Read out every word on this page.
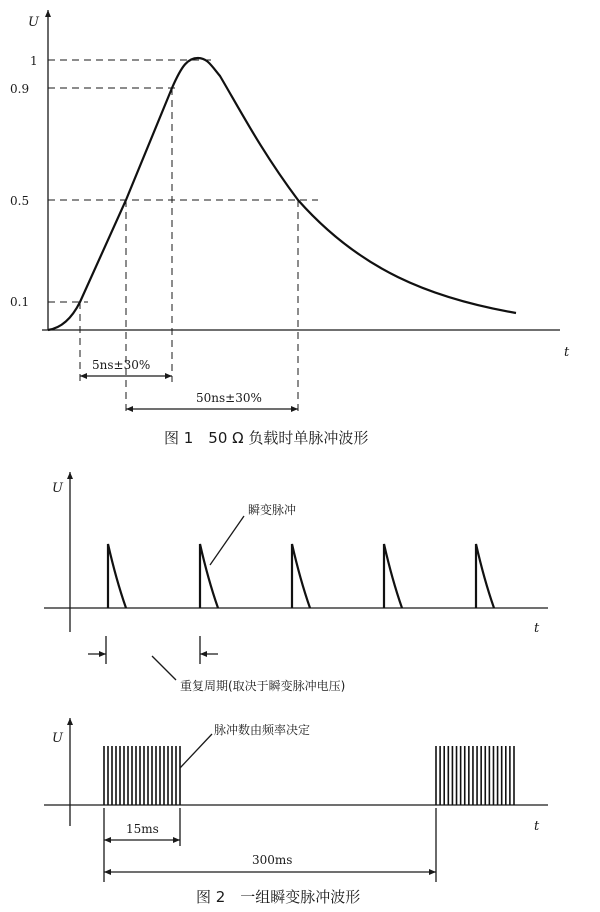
U
t
1
0.9
0.5
0.1
5ns±30%
50ns±30%
图 1　50 Ω 负载时单脉冲波形
U
t
瞬变脉冲
重复周期(取决于瞬变脉冲电压)
U
t
脉冲数由频率决定
15ms
300ms
图 2　一组瞬变脉冲波形
